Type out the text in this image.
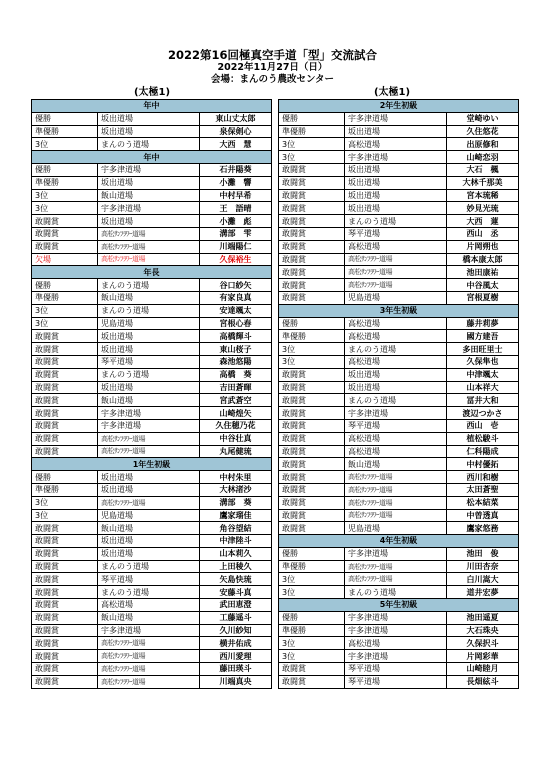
2022第16回極真空手道「型」交流試合
2022年11月27日（日）
会場：まんのう農改センター
(太極1)	(太極1)
年中		
優勝	坂出道場	東山丈太郎
準優勝	坂出道場	泉保剣心
3位	まんのう道場	大西　慧
年中		
優勝	宇多津道場	石井陽葵
準優勝	坂出道場	小灘　響
3位	飯山道場	中村早希
3位	宇多津道場	王　語晴
敢闘賞	坂出道場	小灘　彪
敢闘賞	高松ｻﾝﾌﾗﾜｰ道場	溝部　雫
敢闘賞	高松ｻﾝﾌﾗﾜｰ道場	川端陽仁
欠場	高松ｻﾝﾌﾗﾜｰ道場	久保裕生
年長		
優勝	まんのう道場	谷口紗矢
準優勝	飯山道場	有家良真
3位	まんのう道場	安達颯太
3位	児島道場	宮根心春
敢闘賞	坂出道場	高橋輝斗
敢闘賞	坂出道場	東山桜子
敢闘賞	琴平道場	森池悠陽
敢闘賞	まんのう道場	高橋　葵
敢闘賞	坂出道場	吉田蒼暉
敢闘賞	飯山道場	宮武蒼空
敢闘賞	宇多津道場	山崎煌矢
敢闘賞	宇多津道場	久住穂乃花
敢闘賞	高松ｻﾝﾌﾗﾜｰ道場	中谷壮真
敢闘賞	高松ｻﾝﾌﾗﾜｰ道場	丸尾健琉
1年生初級		
優勝	坂出道場	中村朱里
準優勝	坂出道場	大林渚沙
3位	高松ｻﾝﾌﾗﾜｰ道場	溝部　葵
3位	児島道場	鷹家瑠佳
敢闘賞	飯山道場	角谷望結
敢闘賞	坂出道場	中津陸斗
敢闘賞	坂出道場	山本莉久
敢闘賞	まんのう道場	上田稜久
敢闘賞	琴平道場	矢島快琉
敢闘賞	まんのう道場	安藤斗真
敢闘賞	高松道場	武田恵澄
敢闘賞	飯山道場	工藤遥斗
敢闘賞	宇多津道場	久川紗知
敢闘賞	高松ｻﾝﾌﾗﾜｰ道場	横井佑成
敢闘賞	高松ｻﾝﾌﾗﾜｰ道場	西川愛理
敢闘賞	高松ｻﾝﾌﾗﾜｰ道場	藤田瑛斗
敢闘賞	高松ｻﾝﾌﾗﾜｰ道場	川端真央
2年生初級		
優勝	宇多津道場	堂崎ゆい
準優勝	坂出道場	久住悠花
3位	高松道場	出原修和
3位	宇多津道場	山崎恋羽
敢闘賞	坂出道場	大石　楓
敢闘賞	坂出道場	大林千那美
敢闘賞	坂出道場	宮本琉稀
敢闘賞	坂出道場	妙見光琉
敢闘賞	まんのう道場	大西　蓮
敢闘賞	琴平道場	西山　丞
敢闘賞	高松道場	片岡朔也
敢闘賞	高松ｻﾝﾌﾗﾜｰ道場	橋本康太郎
敢闘賞	高松ｻﾝﾌﾗﾜｰ道場	池田康祐
敢闘賞	高松ｻﾝﾌﾗﾜｰ道場	中谷風太
敢闘賞	児島道場	宮根夏樹
3年生初級		
優勝	高松道場	藤井莉夢
準優勝	高松道場	國方建吾
3位	まんのう道場	多田旺里士
3位	高松道場	久保隼也
敢闘賞	坂出道場	中津颯太
敢闘賞	坂出道場	山本祥大
敢闘賞	まんのう道場	冨井大和
敢闘賞	宇多津道場	渡辺つかさ
敢闘賞	琴平道場	西山　壱
敢闘賞	高松道場	植松駿斗
敢闘賞	高松道場	仁科陽成
敢闘賞	飯山道場	中村優拓
敢闘賞	高松ｻﾝﾌﾗﾜｰ道場	西川和樹
敢闘賞	高松ｻﾝﾌﾗﾜｰ道場	太田蒼聖
敢闘賞	高松ｻﾝﾌﾗﾜｰ道場	松本結菜
敢闘賞	高松ｻﾝﾌﾗﾜｰ道場	中曽透真
敢闘賞	児島道場	鷹家悠務
4年生初級		
優勝	宇多津道場	池田　俊
準優勝	高松ｻﾝﾌﾗﾜｰ道場	川田杏奈
3位	高松ｻﾝﾌﾗﾜｰ道場	白川嵩大
3位	まんのう道場	道井宏夢
5年生初級		
優勝	宇多津道場	池田遥夏
準優勝	宇多津道場	大石珠央
3位	高松道場	久保択斗
3位	宇多津道場	片岡彩華
敢闘賞	琴平道場	山崎睦月
敢闘賞	琴平道場	長畑絃斗
